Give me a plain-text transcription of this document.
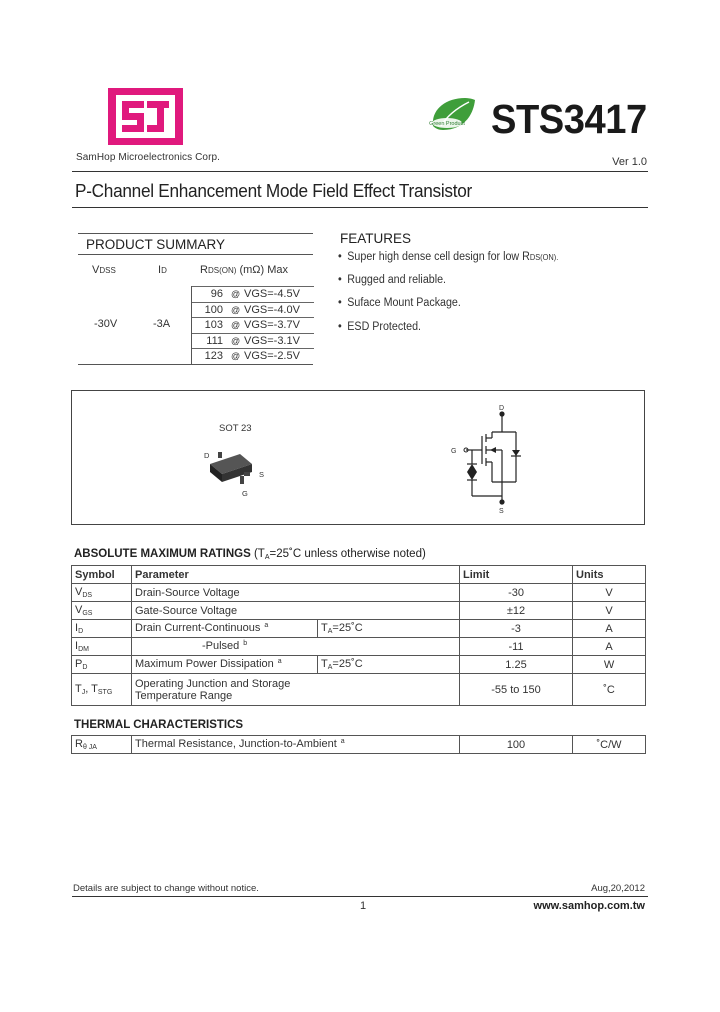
SamHop Microelectronics Corp.
Green Product STS3417
Ver 1.0
P-Channel Enhancement Mode Field Effect Transistor
PRODUCT SUMMARY
VDSS	ID	RDS(ON) (mΩ) Max
-30V	-3A
96 @ VGS=-4.5V
100 @ VGS=-4.0V
103 @ VGS=-3.7V
111 @ VGS=-3.1V
123 @ VGS=-2.5V
FEATURES
• Super high dense cell design for low RDS(ON).
• Rugged and reliable.
• Suface Mount Package.
• ESD Protected.
SOT 23
D
S
G
D
G
S
ABSOLUTE MAXIMUM RATINGS (TA=25˚C unless otherwise noted)
Symbol	Parameter		Limit	Units
VDS	Drain-Source Voltage		-30	V
VGS	Gate-Source Voltage		±12	V
ID	Drain Current-Continuous $^a$	TA=25˚C	-3	A
IDM	-Pulsed $^b$		-11	A
PD	Maximum Power Dissipation $^a$	TA=25˚C	1.25	W
TJ, TSTG	Operating Junction and Storage
Temperature Range		-55 to 150	˚C
THERMAL CHARACTERISTICS
Rθ JA	Thermal Resistance, Junction-to-Ambient $^a$	100	˚C/W
Details are subject to change without notice.	Aug,20,2012
1	www.samhop.com.tw
